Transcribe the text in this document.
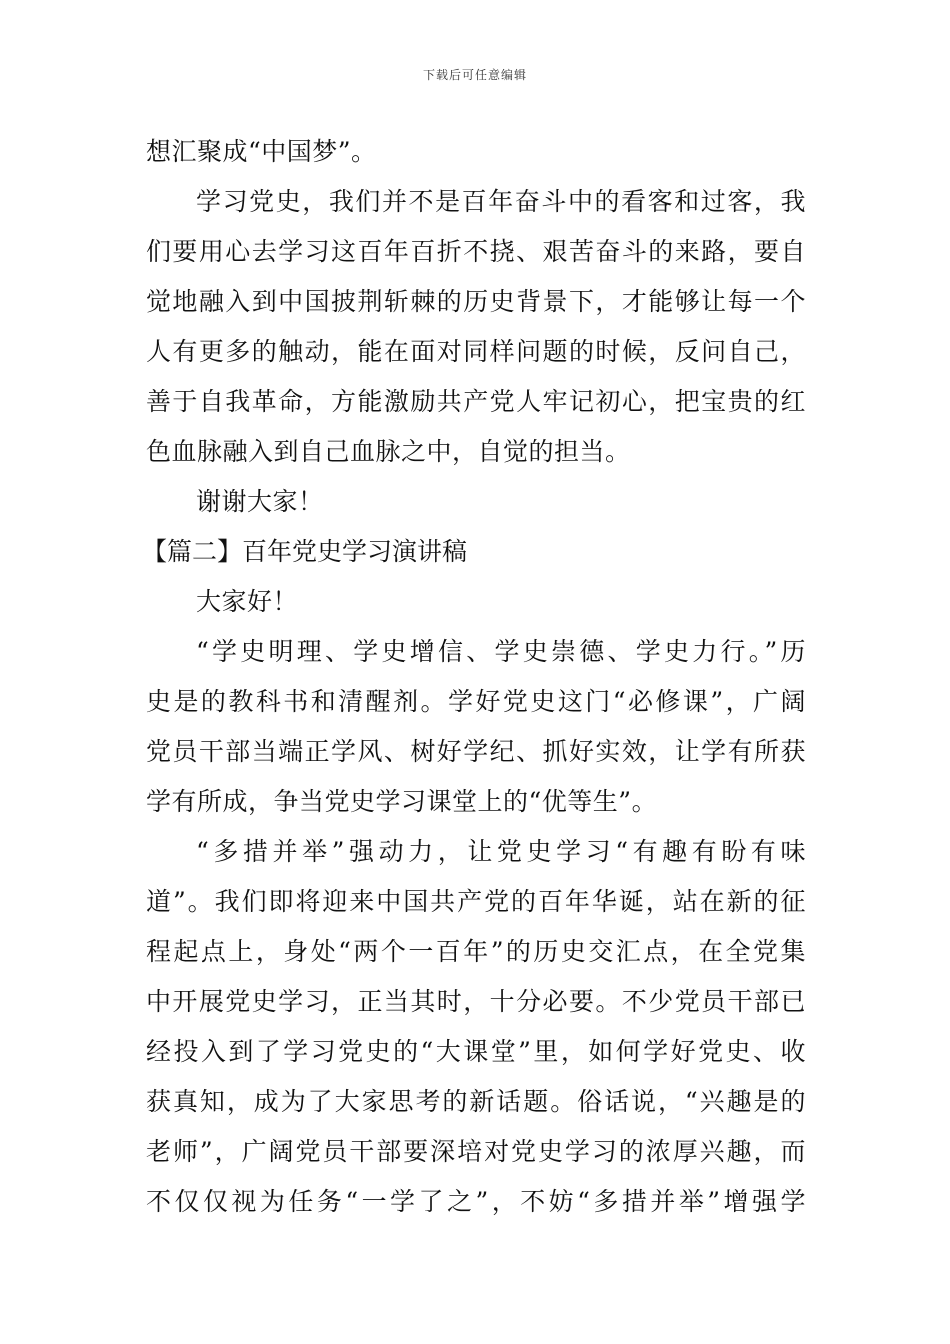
下载后可任意编辑
想汇聚成“中国梦”。
学习党史，我们并不是百年奋斗中的看客和过客，我
们要用心去学习这百年百折不挠、艰苦奋斗的来路，要自
觉地融入到中国披荆斩棘的历史背景下，才能够让每一个
人有更多的触动，能在面对同样问题的时候，反问自己，
善于自我革命，方能激励共产党人牢记初心，把宝贵的红
色血脉融入到自己血脉之中，自觉的担当。
谢谢大家！
【篇二】百年党史学习演讲稿
大家好！
“学史明理、学史增信、学史崇德、学史力行。”历
史是的教科书和清醒剂。学好党史这门“必修课”，广阔
党员干部当端正学风、树好学纪、抓好实效，让学有所获
学有所成，争当党史学习课堂上的“优等生”。
“多措并举”强动力，让党史学习“有趣有盼有味
道”。我们即将迎来中国共产党的百年华诞，站在新的征
程起点上，身处“两个一百年”的历史交汇点，在全党集
中开展党史学习，正当其时，十分必要。不少党员干部已
经投入到了学习党史的“大课堂”里，如何学好党史、收
获真知，成为了大家思考的新话题。俗话说，“兴趣是的
老师”，广阔党员干部要深培对党史学习的浓厚兴趣，而
不仅仅视为任务“一学了之”，不妨“多措并举”增强学
